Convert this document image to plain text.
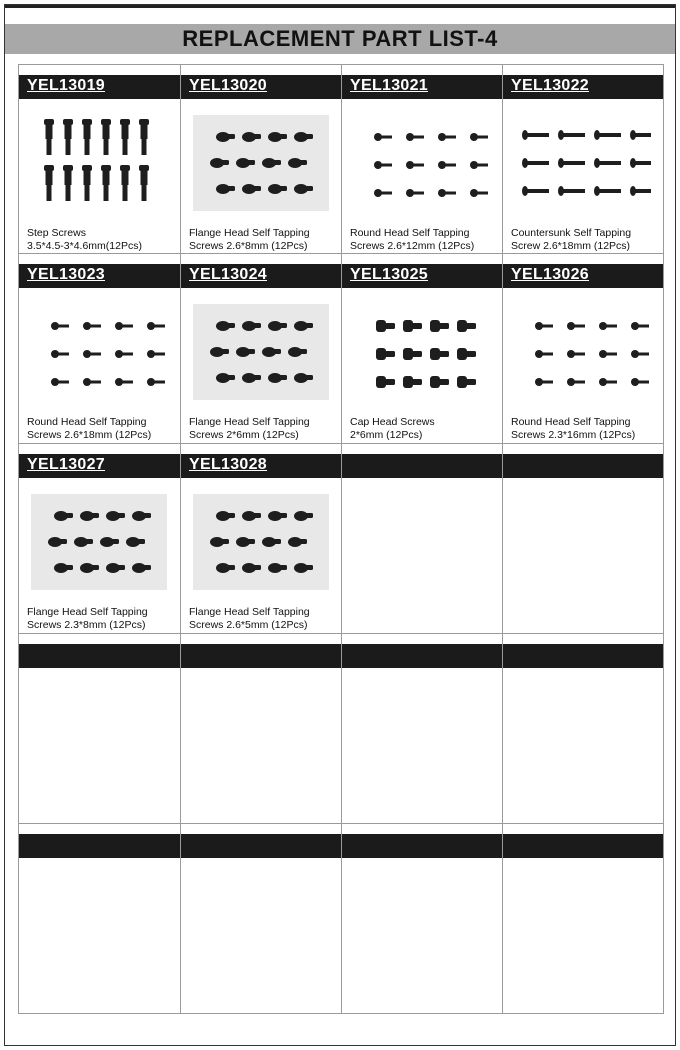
REPLACEMENT PART LIST-4
YEL13019
Step Screws
3.5*4.5-3*4.6mm(12Pcs)
YEL13020
Flange Head Self Tapping
Screws 2.6*8mm (12Pcs)
YEL13021
Round Head Self Tapping
Screws 2.6*12mm (12Pcs)
YEL13022
Countersunk Self Tapping
Screw 2.6*18mm (12Pcs)
YEL13023
Round Head Self Tapping
Screws 2.6*18mm (12Pcs)
YEL13024
Flange Head Self Tapping
Screws 2*6mm (12Pcs)
YEL13025
Cap Head Screws
2*6mm (12Pcs)
YEL13026
Round Head Self Tapping
Screws 2.3*16mm (12Pcs)
YEL13027
Flange Head Self Tapping
Screws 2.3*8mm (12Pcs)
YEL13028
Flange Head Self Tapping
Screws 2.6*5mm (12Pcs)
